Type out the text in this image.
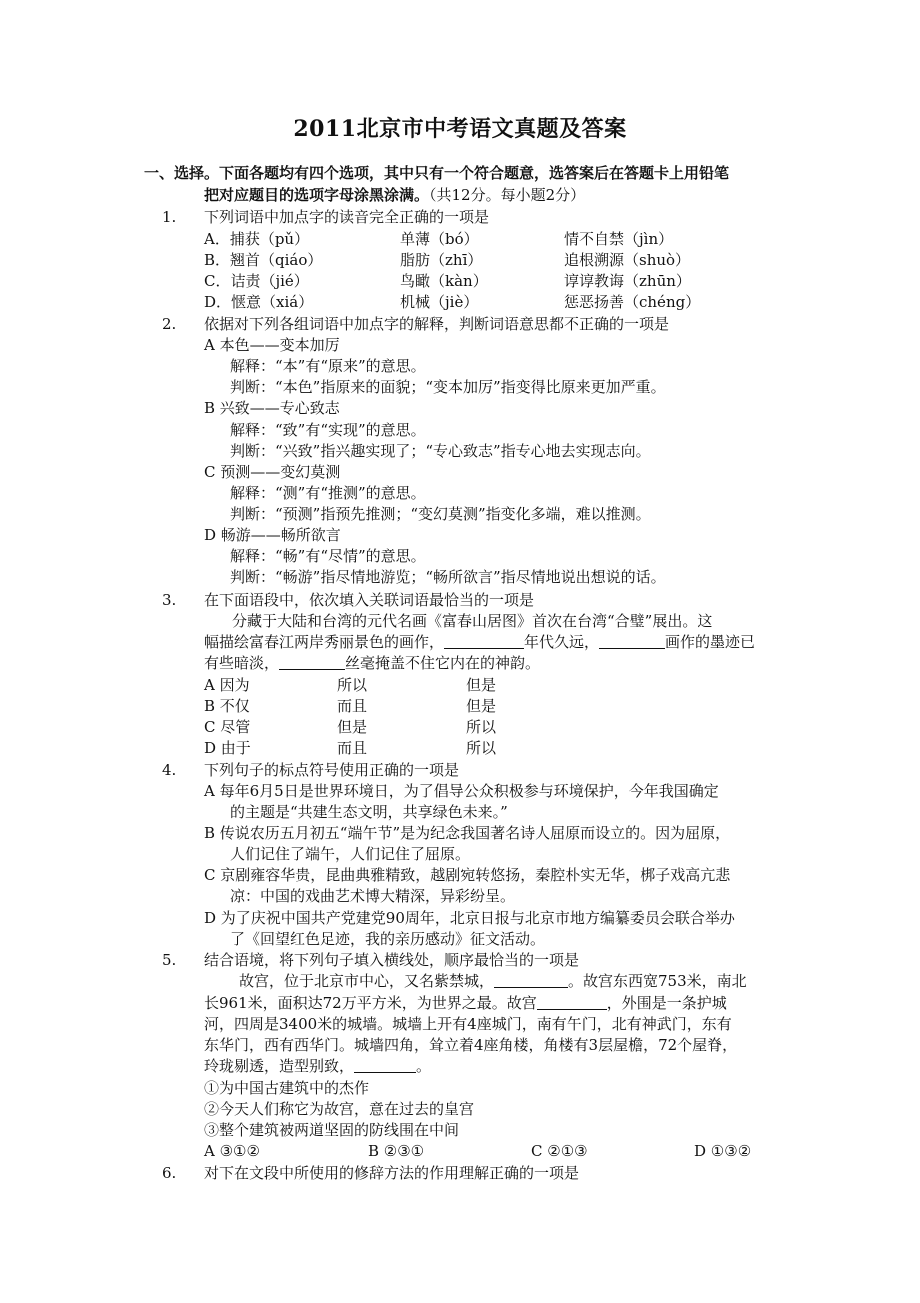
2011北京市中考语文真题及答案
一、 选择。下面各题均有四个选项，其中只有一个符合题意，选答案后在答题卡上用铅笔
把对应题目的选项字母涂黑涂满。（共12分。每小题2分）
1. 下列词语中加点字的读音完全正确的一项是
A．捕获（pǔ）	单薄（bó）	情不自禁（jìn）
B．翘首（qiáo）	脂肪（zhī）	追根溯源（shuò）
C．诘责（jié）	鸟瞰（kàn）	谆谆教诲（zhūn）
D．惬意（xiá）	机械（jiè）	惩恶扬善（chéng）
2. 依据对下列各组词语中加点字的解释，判断词语意思都不正确的一项是
A 本色——变本加厉
解释：“本”有“原来”的意思。
判断：“本色”指原来的面貌；“变本加厉”指变得比原来更加严重。
B 兴致——专心致志
解释：“致”有“实现”的意思。
判断：“兴致”指兴趣实现了；“专心致志”指专心地去实现志向。
C 预测——变幻莫测
解释：“测”有“推测”的意思。
判断：“预测”指预先推测；“变幻莫测”指变化多端，难以推测。
D 畅游——畅所欲言
解释：“畅”有“尽情”的意思。
判断：“畅游”指尽情地游览；“畅所欲言”指尽情地说出想说的话。
3. 在下面语段中，依次填入关联词语最恰当的一项是
分藏于大陆和台湾的元代名画《富春山居图》首次在台湾“合璧”展出。这
幅描绘富春江两岸秀丽景色的画作，	年代久远，	画作的墨迹已
有些暗淡，	丝毫掩盖不住它内在的神韵。
A 因为	所以	但是
B 不仅	而且	但是
C 尽管	但是	所以
D 由于	而且	所以
4. 下列句子的标点符号使用正确的一项是
A 每年6月5日是世界环境日，为了倡导公众积极参与环境保护，今年我国确定
的主题是“共建生态文明，共享绿色未来。”
B 传说农历五月初五“端午节”是为纪念我国著名诗人屈原而设立的。因为屈原，
人们记住了端午，人们记住了屈原。
C 京剧雍容华贵，昆曲典雅精致，越剧宛转悠扬，秦腔朴实无华，梆子戏高亢悲
凉：中国的戏曲艺术博大精深，异彩纷呈。
D 为了庆祝中国共产党建党90周年，北京日报与北京市地方编纂委员会联合举办
了《回望红色足迹，我的亲历感动》征文活动。
5. 结合语境，将下列句子填入横线处，顺序最恰当的一项是
故宫，位于北京市中心，又名紫禁城，	。故宫东西宽753米，南北
长961米，面积达72万平方米，为世界之最。故宫	，外围是一条护城
河，四周是3400米的城墙。城墙上开有4座城门，南有午门，北有神武门，东有
东华门，西有西华门。城墙四角，耸立着4座角楼，角楼有3层屋檐，72个屋脊，
玲珑剔透，造型别致，	。
①为中国古建筑中的杰作
②今天人们称它为故宫，意在过去的皇宫
③整个建筑被两道坚固的防线围在中间
A ③①②	B ②③①	C ②①③	D ①③②
6. 对下在文段中所使用的修辞方法的作用理解正确的一项是
